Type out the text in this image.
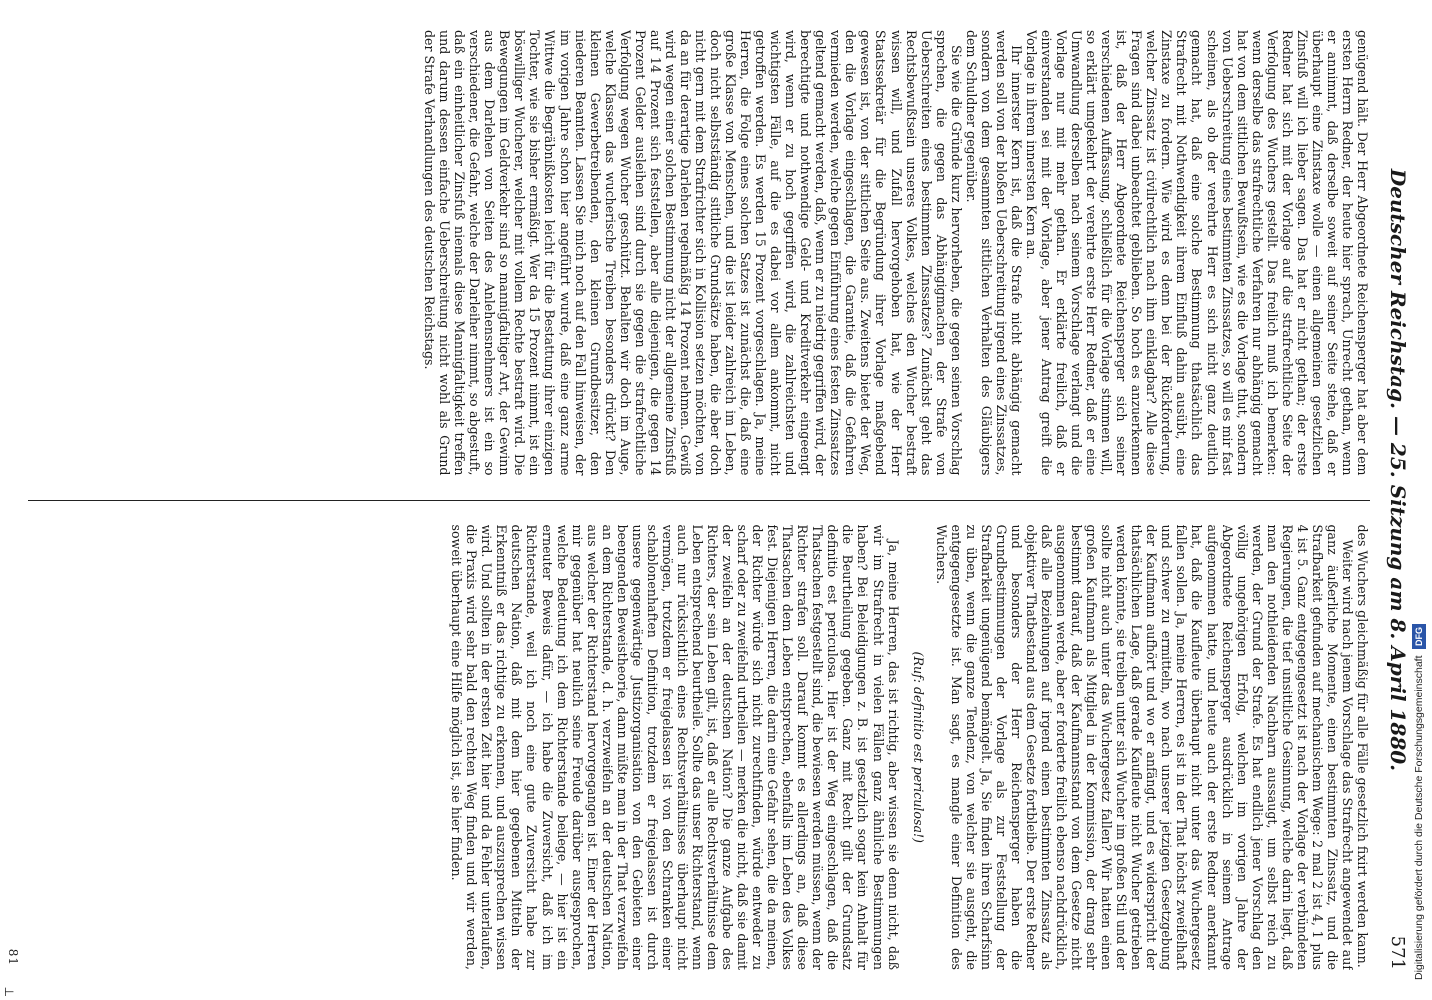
Deutscher Reichstag. — 25. Sitzung am 8. April 1880.
571

genügend hält. Der Herr Abgeordnete Reichensperger hat aber dem ersten Herrn Redner, der heute hier sprach, Unrecht gethan, wenn er annimmt, daß derselbe soweit auf seiner Seite stehe, daß er überhaupt eine Zinstaxe wolle — einen allgemeinen gesetzlichen Zinsfuß will ich lieber sagen. Das hat er nicht gethan; der erste Redner hat sich mit der Vorlage auf die strafrechtliche Seite der Verfolgung des Wuchers gestellt. Das freilich muß ich bemerken: wenn derselbe das strafrechtliche Verfahren nur abhängig gemacht hat von dem sittlichen Bewußtsein, wie es die Vorlage thut, sondern von Ueberschreitung eines bestimmten Zinssatzes, so will es mir fast scheinen, als ob der verehrte Herr es sich nicht ganz deutlich gemacht hat, daß eine solche Bestimmung thatsächlich das Strafrecht mit Nothwendigkeit ihrem Einfluß dahin ausübt, eine Zinstaxe zu fordern. Wie wird es denn bei der Rückforderung, welcher Zinssatz ist civilrechtlich nach ihm einklagbar? Alle diese Fragen sind dabei unbeachtet geblieben. So hoch es anzuerkennen ist, daß der Herr Abgeordnete Reichensperger sich seiner verschiedenen Auffassung, schließlich für die Vorlage stimmen will, so erklärt umgekehrt der verehrte erste Herr Redner, daß er eine Umwandlung derselben nach seinem Vorschlage verlangt und die Vorlage nur mit mehr gethan. Er erklärte freilich, daß er einverstanden sei mit der Vorlage, aber jener Antrag greift die Vorlage in ihrem innersten Kern an.

Ihr innerster Kern ist, daß die Strafe nicht abhängig gemacht werden soll von der bloßen Ueberschreitung irgend eines Zinssatzes, sondern von dem gesammten sittlichen Verhalten des Gläubigers dem Schuldner gegenüber.

Sie wie die Gründe kurz hervorheben, die gegen seinen Vorschlag sprechen, die gegen das Abhängigmachen der Strafe von Ueberschreiten eines bestimmten Zinssatzes? Zunächst geht das Rechtsbewußtsein unseres Volkes, welches den Wucher bestraft wissen will, und Zufall hervorgehoben hat, wie der Herr Staatssekretär für die Begründung ihrer Vorlage maßgebend gewesen ist, von der sittlichen Seite aus. Zweitens bietet der Weg, den die Vorlage eingeschlagen, die Garantie, daß die Gefahren vermieden werden, welche gegen Einführung eines festen Zinssatzes geltend gemacht werden, daß, wenn er zu niedrig gegriffen wird, der berechtigte und nothwendige Geld- und Kreditverkehr eingeengt wird, wenn er zu hoch gegriffen wird, die zahlreichsten und wichtigsten Fälle, auf die es dabei vor allem ankommt, nicht getroffen werden. Es werden 15 Prozent vorgeschlagen. Ja, meine Herren, die Folge eines solchen Satzes ist zunächst die, daß eine große Klasse von Menschen, und die ist leider zahlreich im Leben, doch nicht selbstständig sittliche Grundsätze haben, die aber doch nicht gern mit dem Strafrichter sich in Kollision setzen möchten, von da an für derartige Darlehen regelmäßig 14 Prozent nehmen. Gewiß wird wegen einer solchen Bestimmung nicht der allgemeine Zinsfuß auf 14 Prozent sich feststellen, aber alle diejenigen, die gegen 14 Prozent Gelder ausleihen sind durch sie gegen die strafrechtliche Verfolgung wegen Wucher geschützt. Behalten wir doch im Auge, welche Klassen das wucherische Treiben besonders drückt? Den kleinen Gewerbetreibenden, den kleinen Grundbesitzer, den niederen Beamten. Lassen Sie mich noch auf den Fall hinweisen, der im vorigen Jahre schon hier angeführt wurde, daß eine ganz arme Wittwe die Begräbnißkosten leicht für die Bestattung ihrer einzigen Tochter, wie sie bisher ermäßigt. Wer da 15 Prozent nimmt, ist ein böswilliger Wucherer, welcher mit vollem Rechte bestraft wird. Die Bewegungen im Geldverkehr sind so mannigfaltiger Art, der Gewinn aus dem Darlehen von Seiten des Anlehensnehmers ist ein so verschiedener, die Gefahr, welche der Darleiher nimmt, so abgestuft, daß ein einheitlicher Zinsfuß niemals diese Mannigfaltigkeit treffen und darum dessen einfache Ueberschreitung nicht wohl als Grund der Strafe Verhandlungen des deutschen Reichstags.

des Wuchers gleichmäßig für alle Fälle gesetzlich fixirt werden kann.

Weiter wird nach jenem Vorschlage das Strafrecht angewendet auf ganz äußerliche Momente, einen bestimmten Zinssatz, und die Strafbarkeit gefunden auf mechanischem Wege: 2 mal 2 ist 4, 1 plus 4 ist 5. Ganz entgegengesetzt ist nach der Vorlage der verbündeten Regierungen, die tief unsittliche Gesinnung, welche darin liegt, daß man den nothleidenden Nachbarn aussaugt, um selbst reich zu werden, der Grund der Strafe. Es hat endlich jener Vorschlag den völlig ungehörigen Erfolg, welchen im vorigen Jahre der Abgeordnete Reichensperger ausdrücklich in seinem Antrage aufgenommen hatte, und heute auch der erste Redner anerkannt hat, daß die Kaufleute überhaupt nicht unter das Wuchergesetz fallen sollen. Ja, meine Herren, es ist in der That höchst zweifelhaft und schwer zu ermitteln, wo nach unserer jetzigen Gesetzgebung der Kaufmann aufhört und wo er anfängt, und es widerspricht der thatsächlichen Lage, daß gerade Kaufleute nicht Wucher getrieben werden könnte, sie treiben unter sich Wucher im großen Stil und der sollte nicht auch unter das Wuchergesetz fallen? Wir hatten einen großen Kaufmann als Mitglied in der Kommission, der drang sehr bestimmt darauf, daß der Kaufmannsstand von dem Gesetze nicht ausgenommen werde, aber er forderte freilich ebenso nachdrücklich, daß alle Beziehungen auf irgend einen bestimmten Zinssatz als objektiver Thatbestand aus dem Gesetze fortbleibe. Der erste Redner und besonders der Herr Reichensperger haben die Grundbestimmungen der Vorlage als zur Feststellung der Strafbarkeit ungenügend bemängelt. Ja, Sie finden ihren Scharfsinn zu üben, wenn die ganze Tendenz, von welcher sie ausgeht, die entgegengesetzte ist. Man sagt, es mangle einer Definition des Wuchers.

(Ruf: definitio est periculosa!)

Ja, meine Herren, das ist richtig, aber wissen sie denn nicht, daß wir im Strafrecht in vielen Fällen ganz ähnliche Bestimmungen haben? Bei Beleidigungen z. B. ist gesetzlich sogar kein Anhalt für die Beurtheilung gegeben. Ganz mit Recht gilt der Grundsatz definitio est periculosa. Hier ist der Weg eingeschlagen, daß die Thatsachen festgestellt sind, die bewiesen werden müssen, wenn der Richter strafen soll. Darauf kommt es allerdings an, daß diese Thatsachen dem Leben entsprechen, ebenfalls im Leben des Volkes fest. Diejenigen Herren, die darin eine Gefahr sehen, die da meinen, der Richter würde sich nicht zurechtfinden, würde entweder zu scharf oder zu zweifelnd urtheilen — merken die nicht, daß sie damit der zweifeln an der deutschen Nation? Die ganze Aufgabe des Richters, der sein Leben gilt, ist, daß er alle Rechtsverhältnisse dem Leben entsprechend beurtheile. Sollte das unser Richterstand, wenn auch nur rücksichtlich eines Rechtsverhältnisses überhaupt nicht vermögen, trotzdem er freigelassen ist von den Schranken einer schablonenhaften Definition, trotzdem er freigelassen ist durch unsere gegenwärtige Justizorganisation von den Gebieten einer beengenden Beweistheorie, dann müßte man in der That verzweifeln an dem Richterstande, d. h. verzweifeln an der deutschen Nation, aus welcher der Richterstand hervorgegangen ist. Einer der Herren mir gegenüber hat neulich seine Freude darüber ausgesprochen, welche Bedeutung ich dem Richterstande beilege, — hier ist ein erneuter Beweis dafür, — ich habe die Zuversicht, daß ich im Richterstande, weil ich noch eine gute Zuversicht habe zur deutschen Nation, daß mit dem hier gegebenen Mitteln der Erkenntniß er das richtige zu erkennen, und auszusprechen wissen wird. Und sollten in der ersten Zeit hier und da Fehler unterlaufen, die Praxis wird sehr bald den rechten Weg finden und wir werden, soweit überhaupt eine Hilfe möglich ist, sie hier finden.

81	Digitalisierung gefördert durch die Deutsche Forschungsgemeinschaft
DFG
⊢
